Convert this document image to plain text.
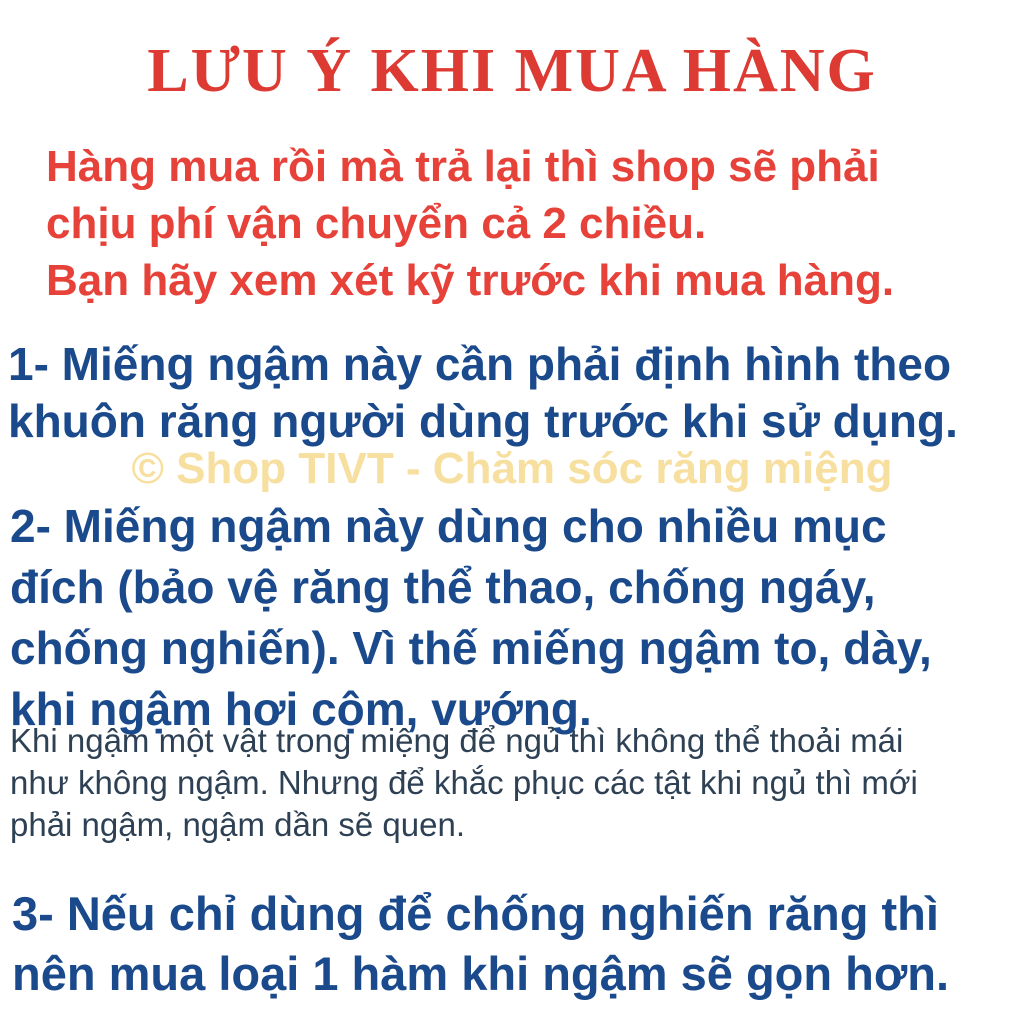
LƯU Ý KHI MUA HÀNG
Hàng mua rồi mà trả lại thì shop sẽ phải
chịu phí vận chuyển cả 2 chiều.
Bạn hãy xem xét kỹ trước khi mua hàng.
1- Miếng ngậm này cần phải định hình theo
khuôn răng người dùng trước khi sử dụng.
© Shop TIVT - Chăm sóc răng miệng
2- Miếng ngậm này dùng cho nhiều mục
đích (bảo vệ răng thể thao, chống ngáy,
chống nghiến). Vì thế miếng ngậm to, dày,
khi ngậm hơi cộm, vướng.
Khi ngậm một vật trong miệng để ngủ thì không thể thoải mái
như không ngậm. Nhưng để khắc phục các tật khi ngủ thì mới
phải ngậm, ngậm dần sẽ quen.
3- Nếu chỉ dùng để chống nghiến răng thì
nên mua loại 1 hàm khi ngậm sẽ gọn hơn.
